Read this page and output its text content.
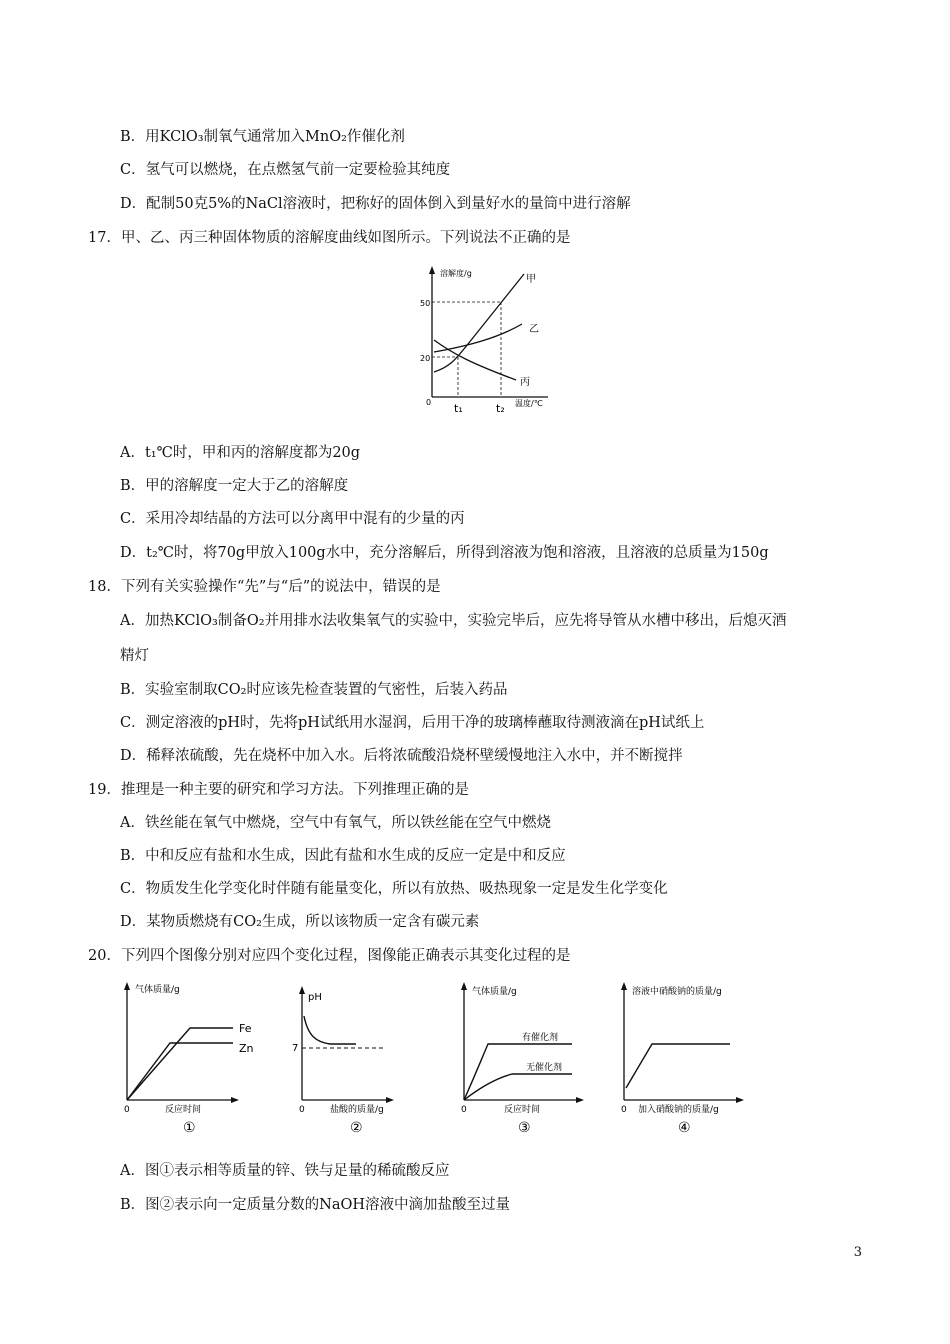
B．用KClO₃制氧气通常加入MnO₂作催化剂
C．氢气可以燃烧，在点燃氢气前一定要检验其纯度
D．配制50克5%的NaCl溶液时，把称好的固体倒入到量好水的量筒中进行溶解
17．甲、乙、丙三种固体物质的溶解度曲线如图所示。下列说法不正确的是
溶解度/g
50
20
0
甲
乙
丙
t₁	t₂ 温度/℃
A．t₁℃时，甲和丙的溶解度都为20g
B．甲的溶解度一定大于乙的溶解度
C．采用冷却结晶的方法可以分离甲中混有的少量的丙
D．t₂℃时，将70g甲放入100g水中，充分溶解后，所得到溶液为饱和溶液，且溶液的总质量为150g
18．下列有关实验操作“先”与“后”的说法中，错误的是
A．加热KClO₃制备O₂并用排水法收集氧气的实验中，实验完毕后，应先将导管从水槽中移出，后熄灭酒
精灯
B．实验室制取CO₂时应该先检查装置的气密性，后装入药品
C．测定溶液的pH时，先将pH试纸用水湿润，后用干净的玻璃棒蘸取待测液滴在pH试纸上
D．稀释浓硫酸，先在烧杯中加入水。后将浓硫酸沿烧杯壁缓慢地注入水中，并不断搅拌
19．推理是一种主要的研究和学习方法。下列推理正确的是
A．铁丝能在氧气中燃烧，空气中有氧气，所以铁丝能在空气中燃烧
B．中和反应有盐和水生成，因此有盐和水生成的反应一定是中和反应
C．物质发生化学变化时伴随有能量变化，所以有放热、吸热现象一定是发生化学变化
D．某物质燃烧有CO₂生成，所以该物质一定含有碳元素
20．下列四个图像分别对应四个变化过程，图像能正确表示其变化过程的是
气体质量/g
Fe
Zn
0	反应时间
①
pH
7
0	盐酸的质量/g
②
气体质量/g
有催化剂
无催化剂
0	反应时间
③
溶液中硝酸钠的质量/g
0 加入硝酸钠的质量/g
④
A．图①表示相等质量的锌、铁与足量的稀硫酸反应
B．图②表示向一定质量分数的NaOH溶液中滴加盐酸至过量
3
